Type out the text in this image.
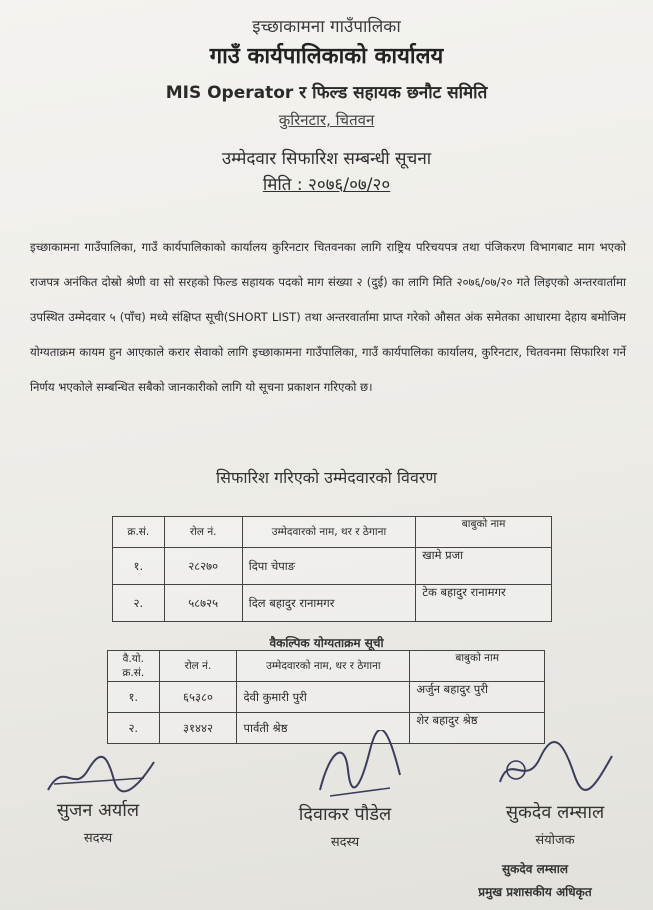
इच्छाकामना गाउँपालिका
गाउँ कार्यपालिकाको कार्यालय
MIS Operator र फिल्ड सहायक छनौट समिति
कुरिनटार, चितवन
उम्मेदवार सिफारिश सम्बन्धी सूचना
मिति : २०७६/०७/२०
इच्छाकामना गाउँपालिका, गाउँ कार्यपालिकाको कार्यालय कुरिनटार चितवनका लागि राष्ट्रिय परिचयपत्र तथा पंजिकरण विभागबाट माग भएको राजपत्र अनंकित दोस्रो श्रेणी वा सो सरहको फिल्ड सहायक पदको माग संख्या २ (दुई) का लागि मिति २०७६/०७/२० गते लिइएको अन्तरवार्तामा उपस्थित उम्मेदवार ५ (पाँच) मध्ये संक्षिप्त सूची(SHORT LIST) तथा अन्तरवार्तामा प्राप्त गरेको औसत अंक समेतका आधारमा देहाय बमोजिम योग्यताक्रम कायम हुन आएकाले करार सेवाको लागि इच्छाकामना गाउँपालिका, गाउँ कार्यपालिका कार्यालय, कुरिनटार, चितवनमा सिफारिश गर्ने निर्णय भएकोले सम्बन्धित सबैको जानकारीको लागि यो सूचना प्रकाशन गरिएको छ।
सिफारिश गरिएको उम्मेदवारको विवरण
क्र.सं.	रोल नं.	उम्मेदवारको नाम, थर र ठेगाना	बाबुको नाम
१.	२८२७०	दिपा चेपाङ	खामे प्रजा
२.	५८७२५	दिल बहादुर रानामगर	टेक बहादुर रानामगर
वैकल्पिक योग्यताक्रम सूची
वै.यो. क्र.सं.	रोल नं.	उम्मेदवारको नाम, थर र ठेगाना	बाबुको नाम
१.	६५३८०	देवी कुमारी पुरी	अर्जुन बहादुर पुरी
२.	३१४४२	पार्वती श्रेष्ठ	शेर बहादुर श्रेष्ठ
सुजन अर्याल
सदस्य
दिवाकर पौडेल
सदस्य
सुकदेव लम्साल
संयोजक
सुकदेव लम्साल
प्रमुख प्रशासकीय अधिकृत
